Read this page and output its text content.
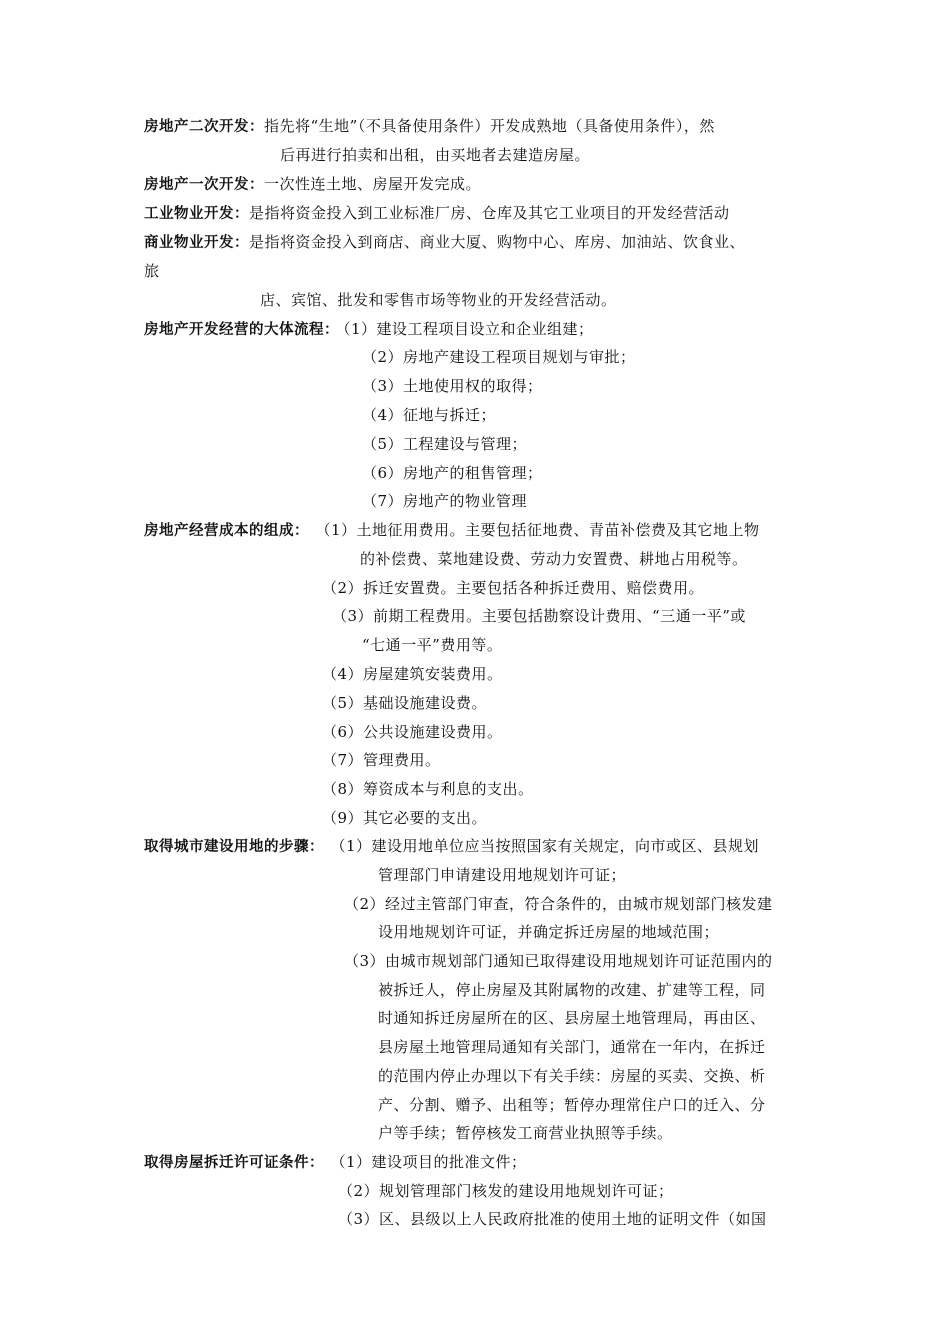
房地产二次开发：指先将“生地”（不具备使用条件）开发成熟地（具备使用条件），然
后再进行拍卖和出租，由买地者去建造房屋。
房地产一次开发：一次性连土地、房屋开发完成。
工业物业开发：是指将资金投入到工业标准厂房、仓库及其它工业项目的开发经营活动
商业物业开发：是指将资金投入到商店、商业大厦、购物中心、库房、加油站、饮食业、
旅
店、宾馆、批发和零售市场等物业的开发经营活动。
房地产开发经营的大体流程： （1）建设工程项目设立和企业组建；
（2）房地产建设工程项目规划与审批；
（3）土地使用权的取得；
（4）征地与拆迁；
（5）工程建设与管理；
（6）房地产的租售管理；
（7）房地产的物业管理
房地产经营成本的组成： （1）土地征用费用。主要包括征地费、青苗补偿费及其它地上物
的补偿费、菜地建设费、劳动力安置费、耕地占用税等。
（2）拆迁安置费。主要包括各种拆迁费用、赔偿费用。
（3）前期工程费用。主要包括勘察设计费用、“三通一平”或
“七通一平”费用等。
（4）房屋建筑安装费用。
（5）基础设施建设费。
（6）公共设施建设费用。
（7）管理费用。
（8）筹资成本与利息的支出。
（9）其它必要的支出。
取得城市建设用地的步骤： （1）建设用地单位应当按照国家有关规定，向市或区、县规划
管理部门申请建设用地规划许可证；
（2）经过主管部门审查，符合条件的，由城市规划部门核发建
设用地规划许可证，并确定拆迁房屋的地域范围；
（3）由城市规划部门通知已取得建设用地规划许可证范围内的
被拆迁人，停止房屋及其附属物的改建、扩建等工程，同
时通知拆迁房屋所在的区、县房屋土地管理局，再由区、
县房屋土地管理局通知有关部门，通常在一年内，在拆迁
的范围内停止办理以下有关手续：房屋的买卖、交换、析
产、分割、赠予、出租等；暂停办理常住户口的迁入、分
户等手续；暂停核发工商营业执照等手续。
取得房屋拆迁许可证条件： （1）建设项目的批准文件；
（2）规划管理部门核发的建设用地规划许可证；
（3）区、县级以上人民政府批准的使用土地的证明文件（如国
